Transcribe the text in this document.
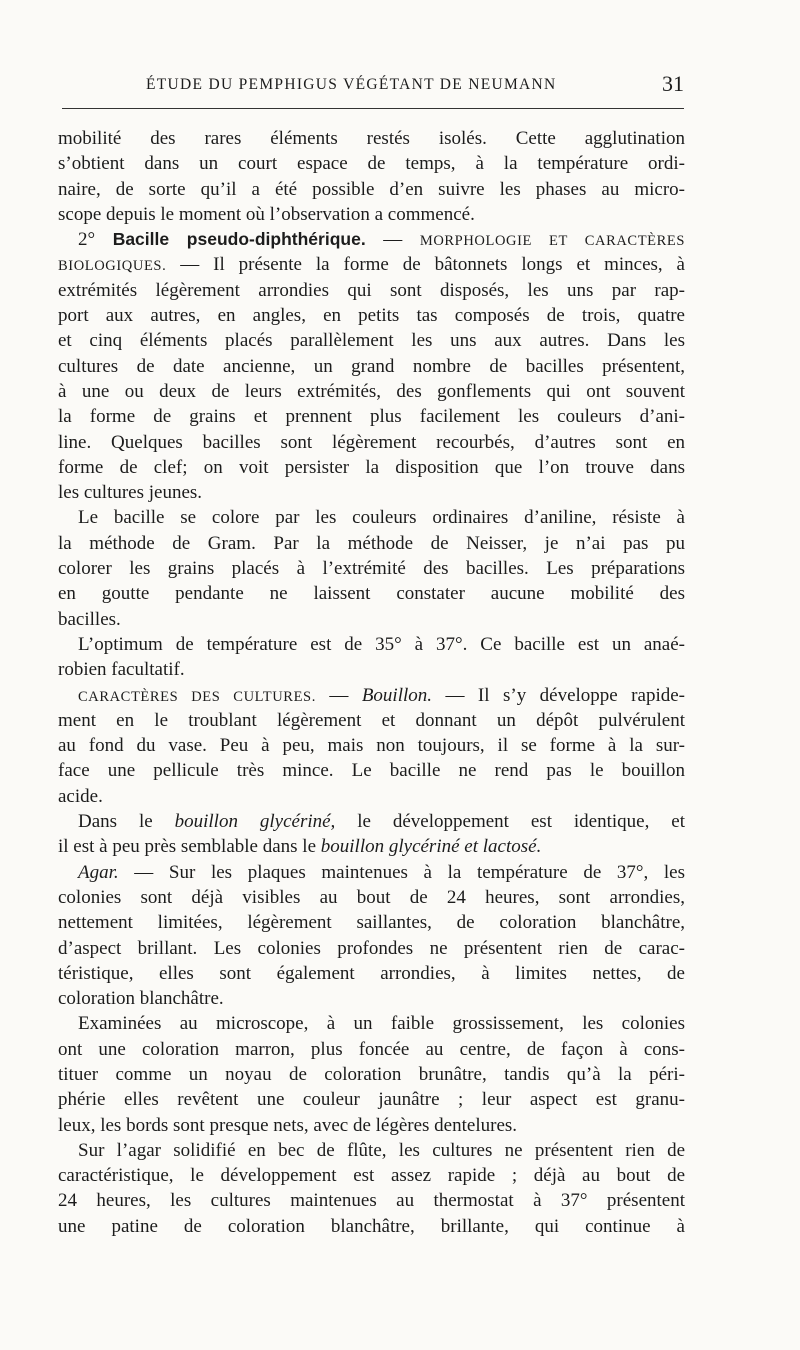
ÉTUDE DU PEMPHIGUS VÉGÉTANT DE NEUMANN	31
mobilité des rares éléments restés isolés. Cette agglutination
s’obtient dans un court espace de temps, à la température ordi-
naire, de sorte qu’il a été possible d’en suivre les phases au micro-
scope depuis le moment où l’observation a commencé.
2° Bacille pseudo-diphthérique. — MORPHOLOGIE ET CARACTÈRES
BIOLOGIQUES. — Il présente la forme de bâtonnets longs et minces, à
extrémités légèrement arrondies qui sont disposés, les uns par rap-
port aux autres, en angles, en petits tas composés de trois, quatre
et cinq éléments placés parallèlement les uns aux autres. Dans les
cultures de date ancienne, un grand nombre de bacilles présentent,
à une ou deux de leurs extrémités, des gonflements qui ont souvent
la forme de grains et prennent plus facilement les couleurs d’ani-
line. Quelques bacilles sont légèrement recourbés, d’autres sont en
forme de clef; on voit persister la disposition que l’on trouve dans
les cultures jeunes.
Le bacille se colore par les couleurs ordinaires d’aniline, résiste à
la méthode de Gram. Par la méthode de Neisser, je n’ai pas pu
colorer les grains placés à l’extrémité des bacilles. Les préparations
en goutte pendante ne laissent constater aucune mobilité des
bacilles.
L’optimum de température est de 35° à 37°. Ce bacille est un anaé-
robien facultatif.
CARACTÈRES DES CULTURES. — Bouillon. — Il s’y développe rapide-
ment en le troublant légèrement et donnant un dépôt pulvérulent
au fond du vase. Peu à peu, mais non toujours, il se forme à la sur-
face une pellicule très mince. Le bacille ne rend pas le bouillon
acide.
Dans le bouillon glycériné, le développement est identique, et
il est à peu près semblable dans le bouillon glycériné et lactosé.
Agar. — Sur les plaques maintenues à la température de 37°, les
colonies sont déjà visibles au bout de 24 heures, sont arrondies,
nettement limitées, légèrement saillantes, de coloration blanchâtre,
d’aspect brillant. Les colonies profondes ne présentent rien de carac-
téristique, elles sont également arrondies, à limites nettes, de
coloration blanchâtre.
Examinées au microscope, à un faible grossissement, les colonies
ont une coloration marron, plus foncée au centre, de façon à cons-
tituer comme un noyau de coloration brunâtre, tandis qu’à la péri-
phérie elles revêtent une couleur jaunâtre ; leur aspect est granu-
leux, les bords sont presque nets, avec de légères dentelures.
Sur l’agar solidifié en bec de flûte, les cultures ne présentent rien de
caractéristique, le développement est assez rapide ; déjà au bout de
24 heures, les cultures maintenues au thermostat à 37° présentent
une patine de coloration blanchâtre, brillante, qui continue à
